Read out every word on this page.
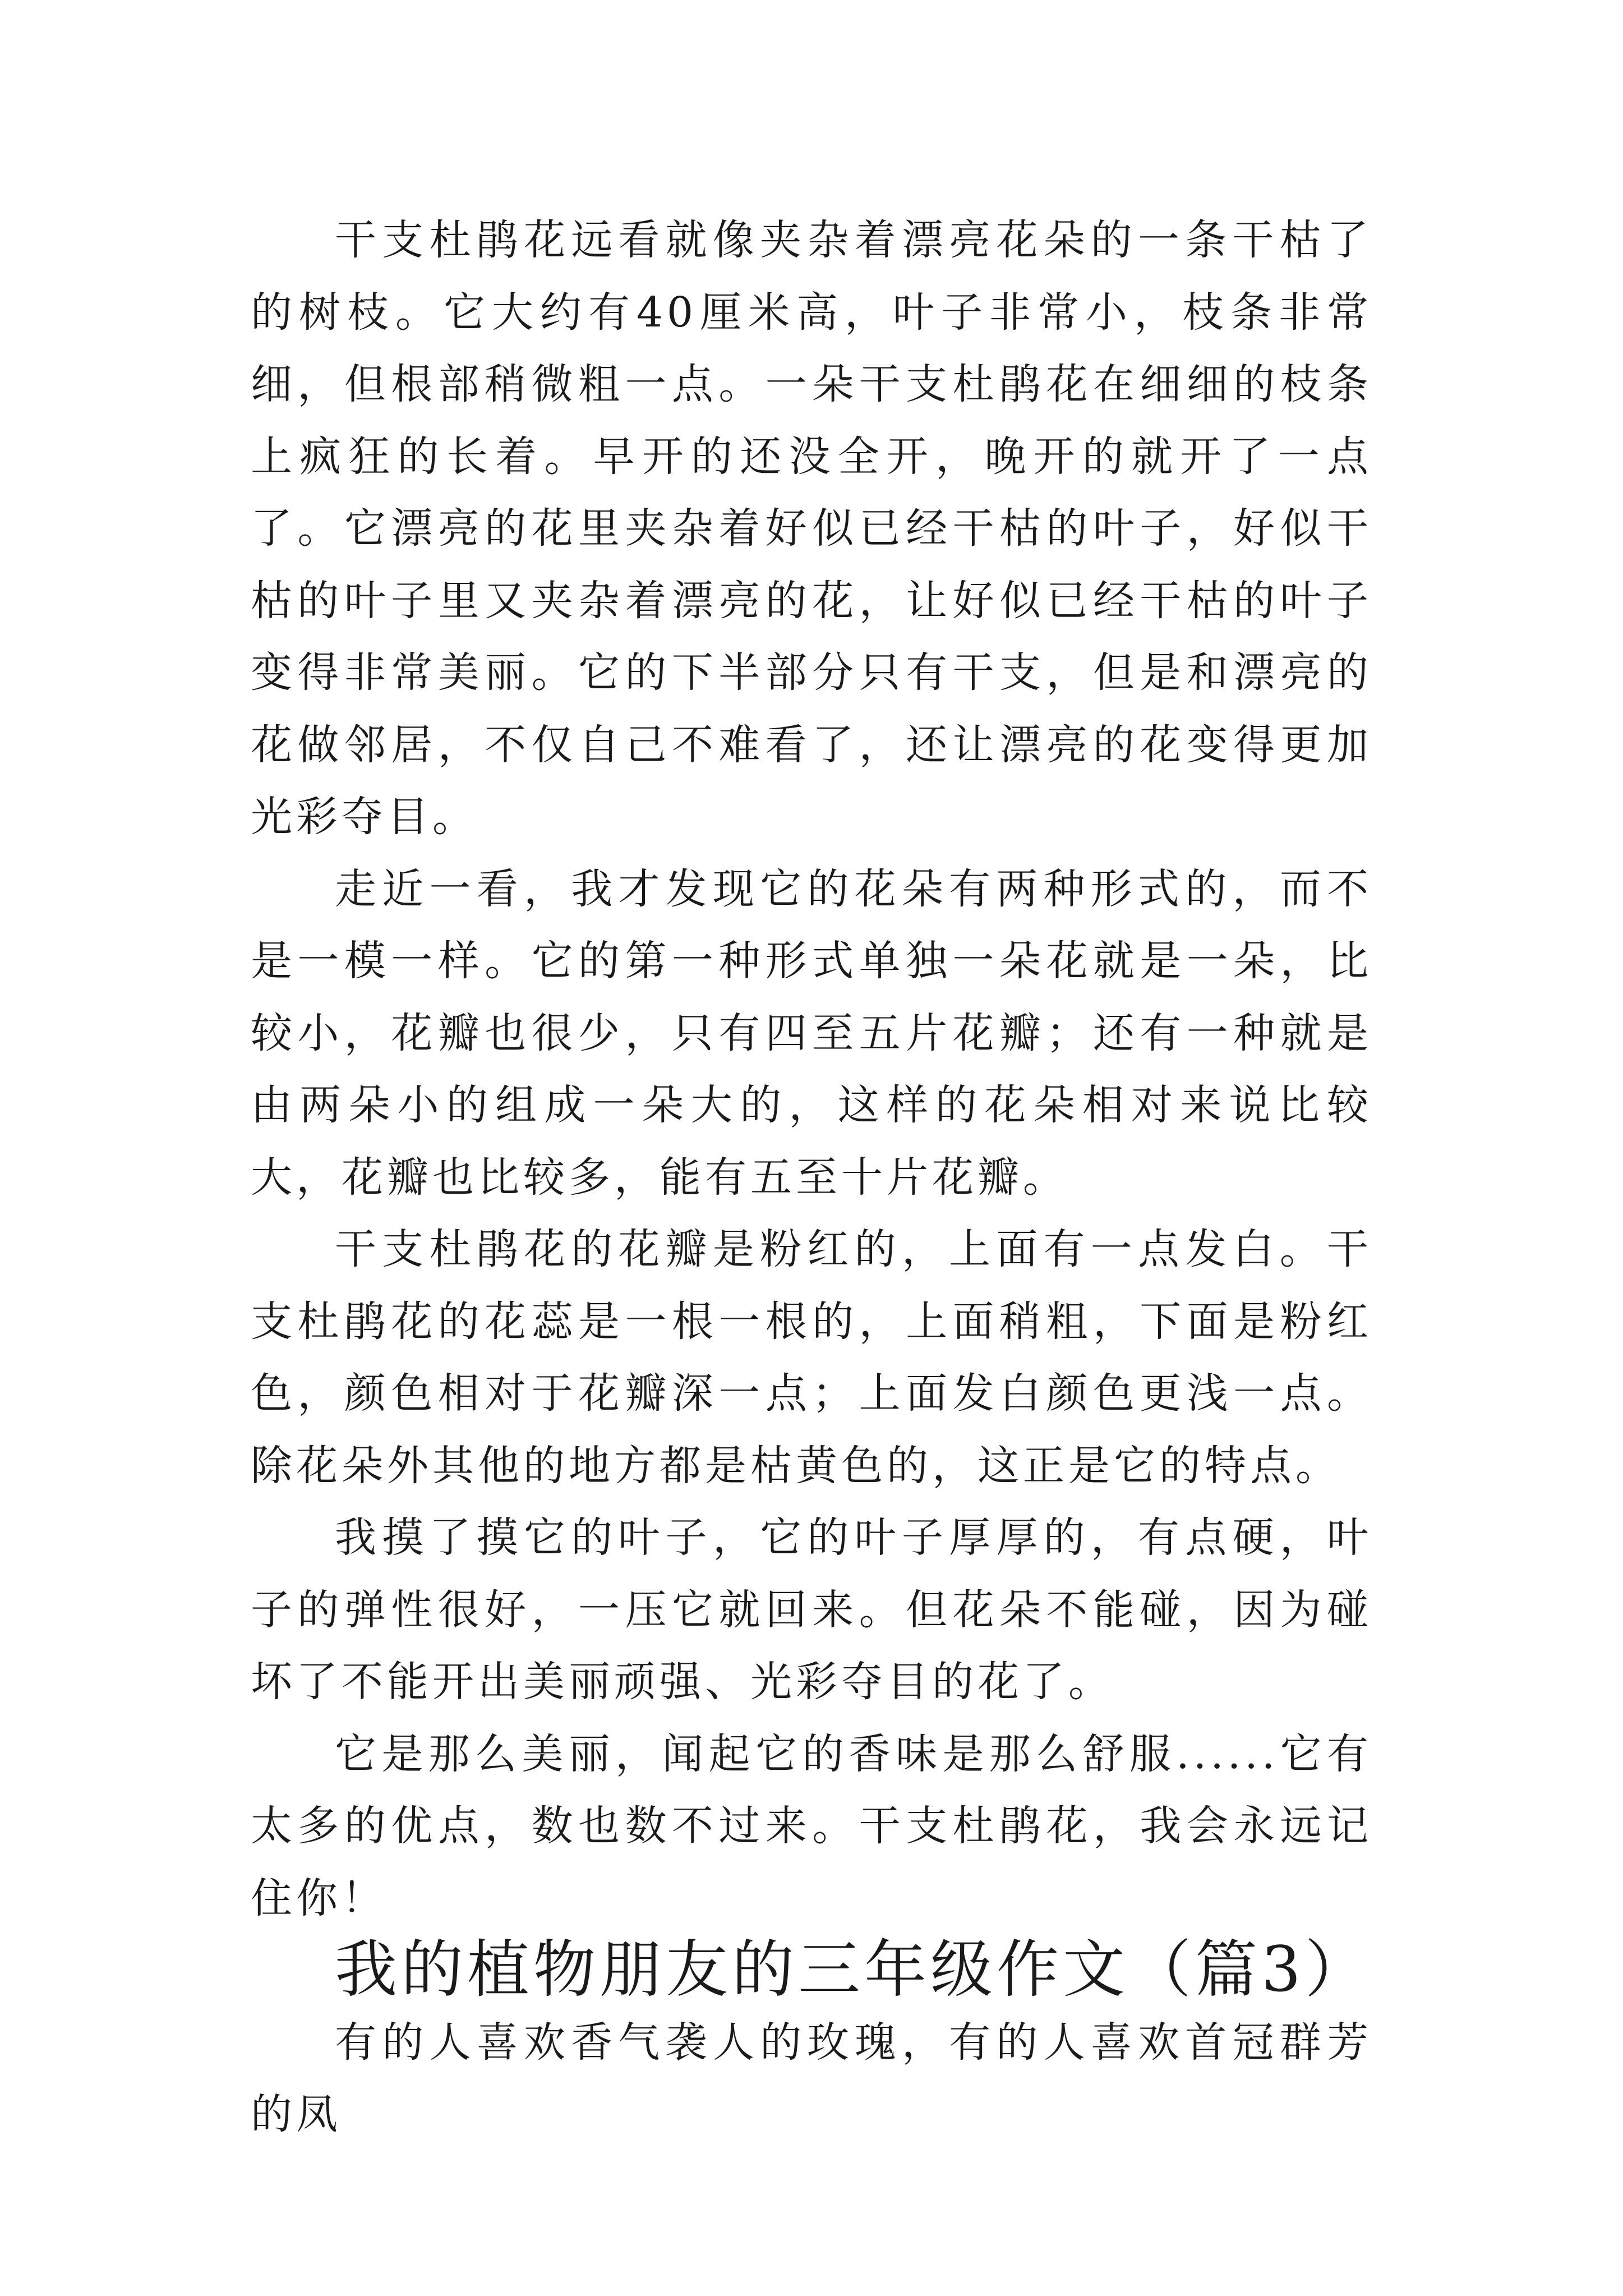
干支杜鹃花远看就像夹杂着漂亮花朵的一条干枯了的树枝。它大约有40厘米高，叶子非常小，枝条非常细，但根部稍微粗一点。一朵干支杜鹃花在细细的枝条上疯狂的长着。早开的还没全开，晚开的就开了一点了。它漂亮的花里夹杂着好似已经干枯的叶子，好似干枯的叶子里又夹杂着漂亮的花，让好似已经干枯的叶子变得非常美丽。它的下半部分只有干支，但是和漂亮的花做邻居，不仅自己不难看了，还让漂亮的花变得更加光彩夺目。

走近一看，我才发现它的花朵有两种形式的，而不是一模一样。它的第一种形式单独一朵花就是一朵，比较小，花瓣也很少，只有四至五片花瓣；还有一种就是由两朵小的组成一朵大的，这样的花朵相对来说比较大，花瓣也比较多，能有五至十片花瓣。

干支杜鹃花的花瓣是粉红的，上面有一点发白。干支杜鹃花的花蕊是一根一根的，上面稍粗，下面是粉红色，颜色相对于花瓣深一点；上面发白颜色更浅一点。除花朵外其他的地方都是枯黄色的，这正是它的特点。

我摸了摸它的叶子，它的叶子厚厚的，有点硬，叶子的弹性很好，一压它就回来。但花朵不能碰，因为碰坏了不能开出美丽顽强、光彩夺目的花了。

它是那么美丽，闻起它的香味是那么舒服......它有太多的优点，数也数不过来。干支杜鹃花，我会永远记住你！

我的植物朋友的三年级作文（篇3）

有的人喜欢香气袭人的玫瑰，有的人喜欢首冠群芳的凤
